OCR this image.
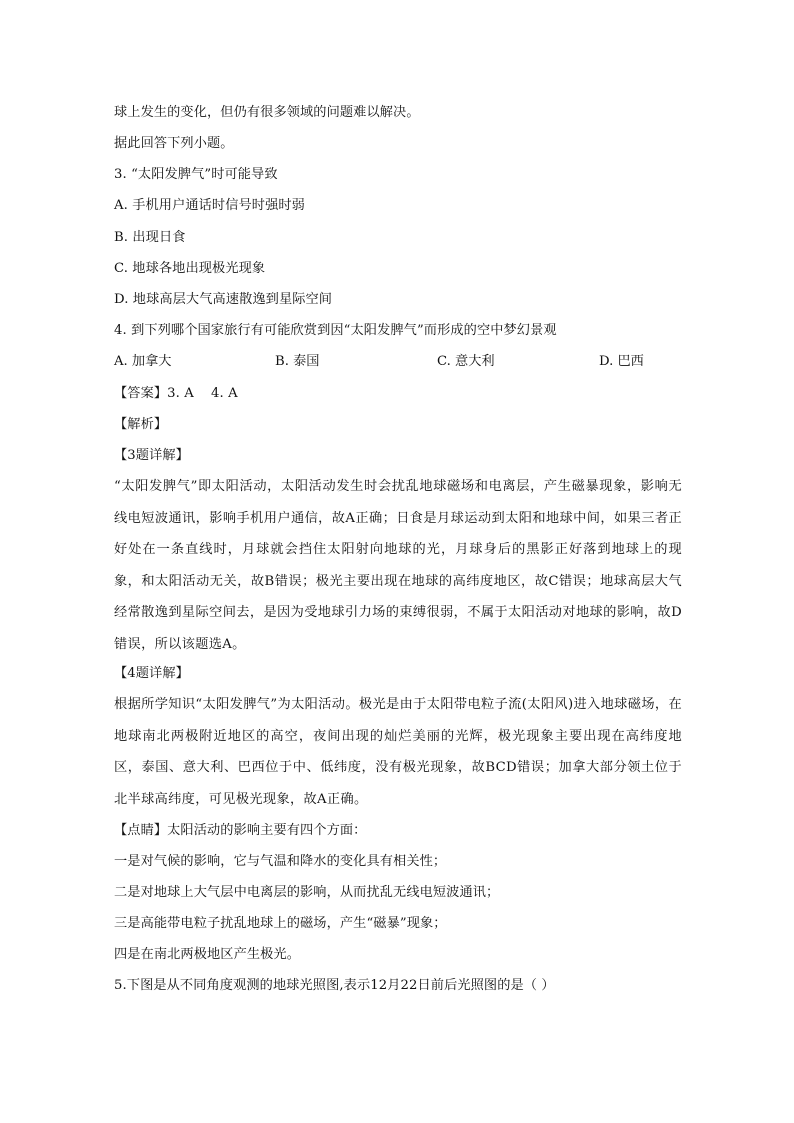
球上发生的变化，但仍有很多领域的问题难以解决。
据此回答下列小题。
3. “太阳发脾气”时可能导致
A. 手机用户通话时信号时强时弱
B. 出现日食
C. 地球各地出现极光现象
D. 地球高层大气高速散逸到星际空间
4. 到下列哪个国家旅行有可能欣赏到因“太阳发脾气”而形成的空中梦幻景观
A. 加拿大	B. 泰国	C. 意大利	D. 巴西
【答案】3. A    4. A
【解析】
【3题详解】
“太阳发脾气”即太阳活动，太阳活动发生时会扰乱地球磁场和电离层，产生磁暴现象，影响无线电短波通讯，影响手机用户通信，故A正确；日食是月球运动到太阳和地球中间，如果三者正好处在一条直线时，月球就会挡住太阳射向地球的光，月球身后的黑影正好落到地球上的现象，和太阳活动无关，故B错误；极光主要出现在地球的高纬度地区，故C错误；地球高层大气经常散逸到星际空间去，是因为受地球引力场的束缚很弱，不属于太阳活动对地球的影响，故D错误，所以该题选A。
【4题详解】
根据所学知识“太阳发脾气”为太阳活动。极光是由于太阳带电粒子流(太阳风)进入地球磁场，在地球南北两极附近地区的高空，夜间出现的灿烂美丽的光辉，极光现象主要出现在高纬度地区，泰国、意大利、巴西位于中、低纬度，没有极光现象，故BCD错误；加拿大部分领土位于北半球高纬度，可见极光现象，故A正确。
【点睛】太阳活动的影响主要有四个方面：
一是对气候的影响，它与气温和降水的变化具有相关性；
二是对地球上大气层中电离层的影响，从而扰乱无线电短波通讯；
三是高能带电粒子扰乱地球上的磁场，产生“磁暴”现象；
四是在南北两极地区产生极光。
5.下图是从不同角度观测的地球光照图,表示12月22日前后光照图的是（ ）
